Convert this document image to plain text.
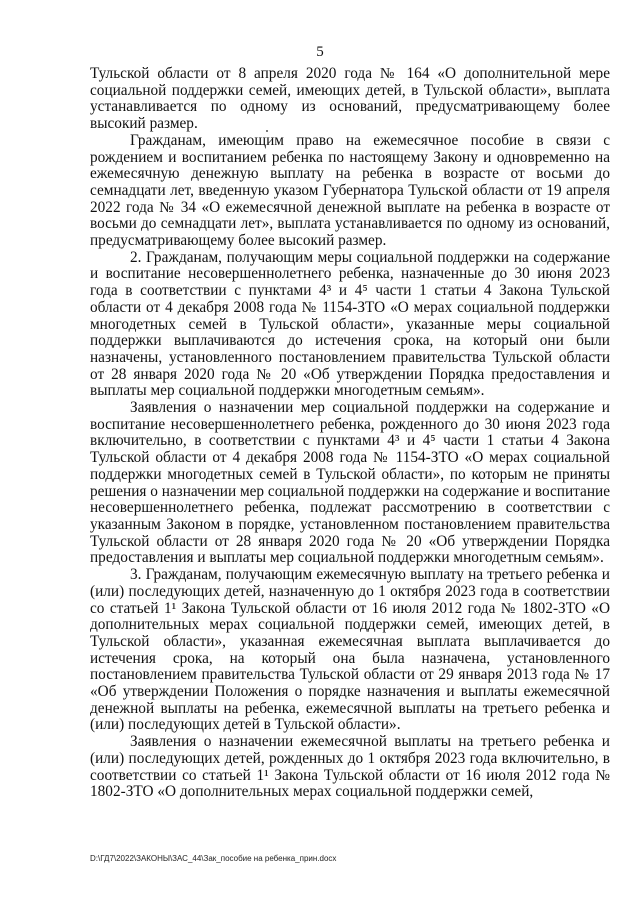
5

Тульской области от 8 апреля 2020 года № 164 «О дополнительной мере социальной поддержки семей, имеющих детей, в Тульской области», выплата устанавливается по одному из оснований, предусматривающему более высокий размер.

Гражданам, имеющим право на ежемесячное пособие в связи с рождением и воспитанием ребенка по настоящему Закону и одновременно на ежемесячную денежную выплату на ребенка в возрасте от восьми до семнадцати лет, введенную указом Губернатора Тульской области от 19 апреля 2022 года № 34 «О ежемесячной денежной выплате на ребенка в возрасте от восьми до семнадцати лет», выплата устанавливается по одному из оснований, предусматривающему более высокий размер.

2. Гражданам, получающим меры социальной поддержки на содержание и воспитание несовершеннолетнего ребенка, назначенные до 30 июня 2023 года в соответствии с пунктами 4³ и 4⁵ части 1 статьи 4 Закона Тульской области от 4 декабря 2008 года № 1154-ЗТО «О мерах социальной поддержки многодетных семей в Тульской области», указанные меры социальной поддержки выплачиваются до истечения срока, на который они были назначены, установленного постановлением правительства Тульской области от 28 января 2020 года № 20 «Об утверждении Порядка предоставления и выплаты мер социальной поддержки многодетным семьям».

Заявления о назначении мер социальной поддержки на содержание и воспитание несовершеннолетнего ребенка, рожденного до 30 июня 2023 года включительно, в соответствии с пунктами 4³ и 4⁵ части 1 статьи 4 Закона Тульской области от 4 декабря 2008 года № 1154-ЗТО «О мерах социальной поддержки многодетных семей в Тульской области», по которым не приняты решения о назначении мер социальной поддержки на содержание и воспитание несовершеннолетнего ребенка, подлежат рассмотрению в соответствии с указанным Законом в порядке, установленном постановлением правительства Тульской области от 28 января 2020 года № 20 «Об утверждении Порядка предоставления и выплаты мер социальной поддержки многодетным семьям».

3. Гражданам, получающим ежемесячную выплату на третьего ребенка и (или) последующих детей, назначенную до 1 октября 2023 года в соответствии со статьей 1¹ Закона Тульской области от 16 июля 2012 года № 1802-ЗТО «О дополнительных мерах социальной поддержки семей, имеющих детей, в Тульской области», указанная ежемесячная выплата выплачивается до истечения срока, на который она была назначена, установленного постановлением правительства Тульской области от 29 января 2013 года № 17 «Об утверждении Положения о порядке назначения и выплаты ежемесячной денежной выплаты на ребенка, ежемесячной выплаты на третьего ребенка и (или) последующих детей в Тульской области».

Заявления о назначении ежемесячной выплаты на третьего ребенка и (или) последующих детей, рожденных до 1 октября 2023 года включительно, в соответствии со статьей 1¹ Закона Тульской области от 16 июля 2012 года № 1802-ЗТО «О дополнительных мерах социальной поддержки семей,

D:\ГД7\2022\ЗАКОНЫ\ЗАС_44\Зак_пособие на ребенка_прин.docx
